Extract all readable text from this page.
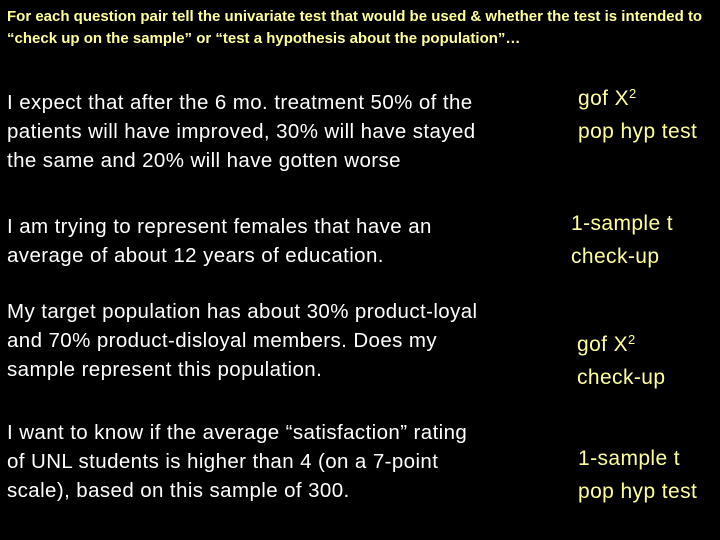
For each question pair tell the univariate test that would be used & whether the test is intended to “check up on the sample” or “test a hypothesis about the population”…
I expect that after the 6 mo. treatment 50% of the
patients will have improved, 30% will have stayed
the same and 20% will have gotten worse
gof $X^2$
pop hyp test
I am trying to represent females that have an
average of about 12 years of education.
1-sample t
check-up
My target population has about 30% product-loyal
and 70% product-disloyal members. Does my
sample represent this population.
gof $X^2$
check-up
I want to know if the average “satisfaction” rating
of UNL students is higher than 4 (on a 7-point
scale), based on this sample of 300.
1-sample t
pop hyp test
